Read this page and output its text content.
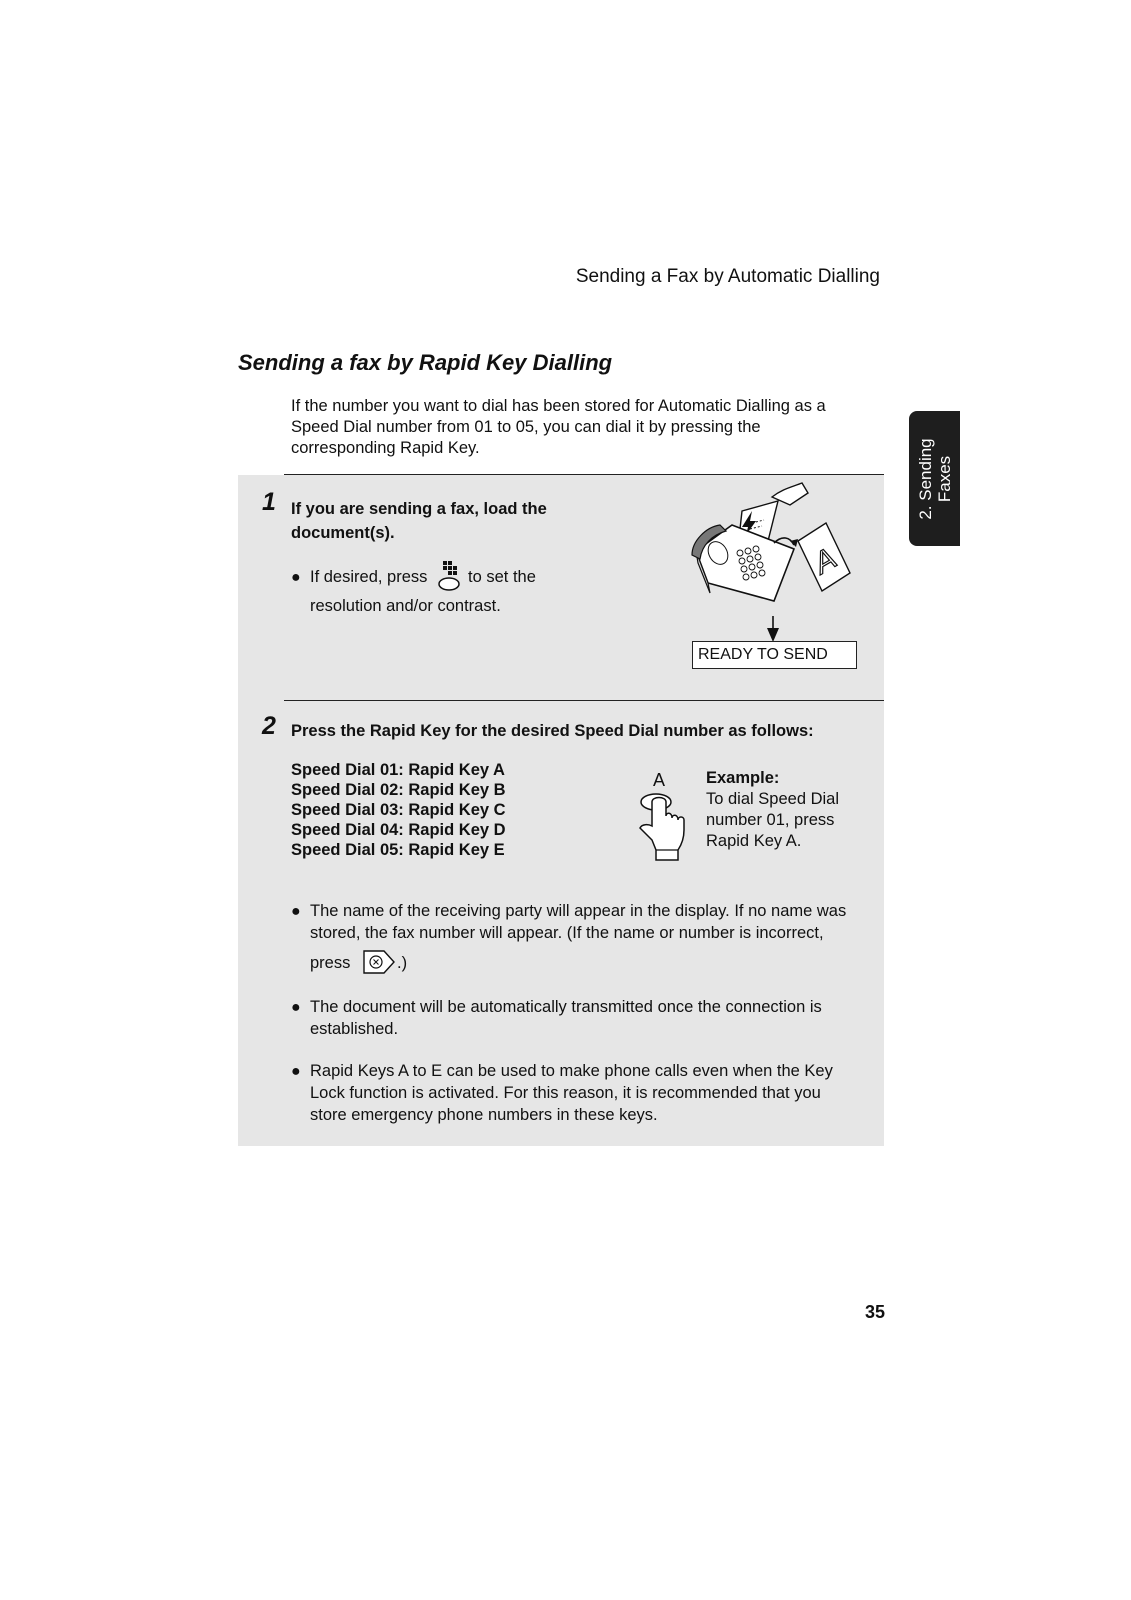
Sending a Fax by Automatic Dialling
Sending a fax by Rapid Key Dialling
If the number you want to dial has been stored for Automatic Dialling as a Speed Dial number from 01 to 05, you can dial it by pressing the corresponding Rapid Key.	2. Sending Faxes
1 If you are sending a fax, load the
document(s).
● If desired, press to set the
resolution and/or contrast.
A
READY TO SEND
2 Press the Rapid Key for the desired Speed Dial number as follows:
Speed Dial 01: Rapid Key A
Speed Dial 02: Rapid Key B
Speed Dial 03: Rapid Key C
Speed Dial 04: Rapid Key D
Speed Dial 05: Rapid Key E
A Example:
To dial Speed Dial
number 01, press
Rapid Key A.
● The name of the receiving party will appear in the display. If no name was
stored, the fax number will appear. (If the name or number is incorrect,
press	.)
● The document will be automatically transmitted once the connection is
established.
● Rapid Keys A to E can be used to make phone calls even when the Key
Lock function is activated. For this reason, it is recommended that you
store emergency phone numbers in these keys.
35
